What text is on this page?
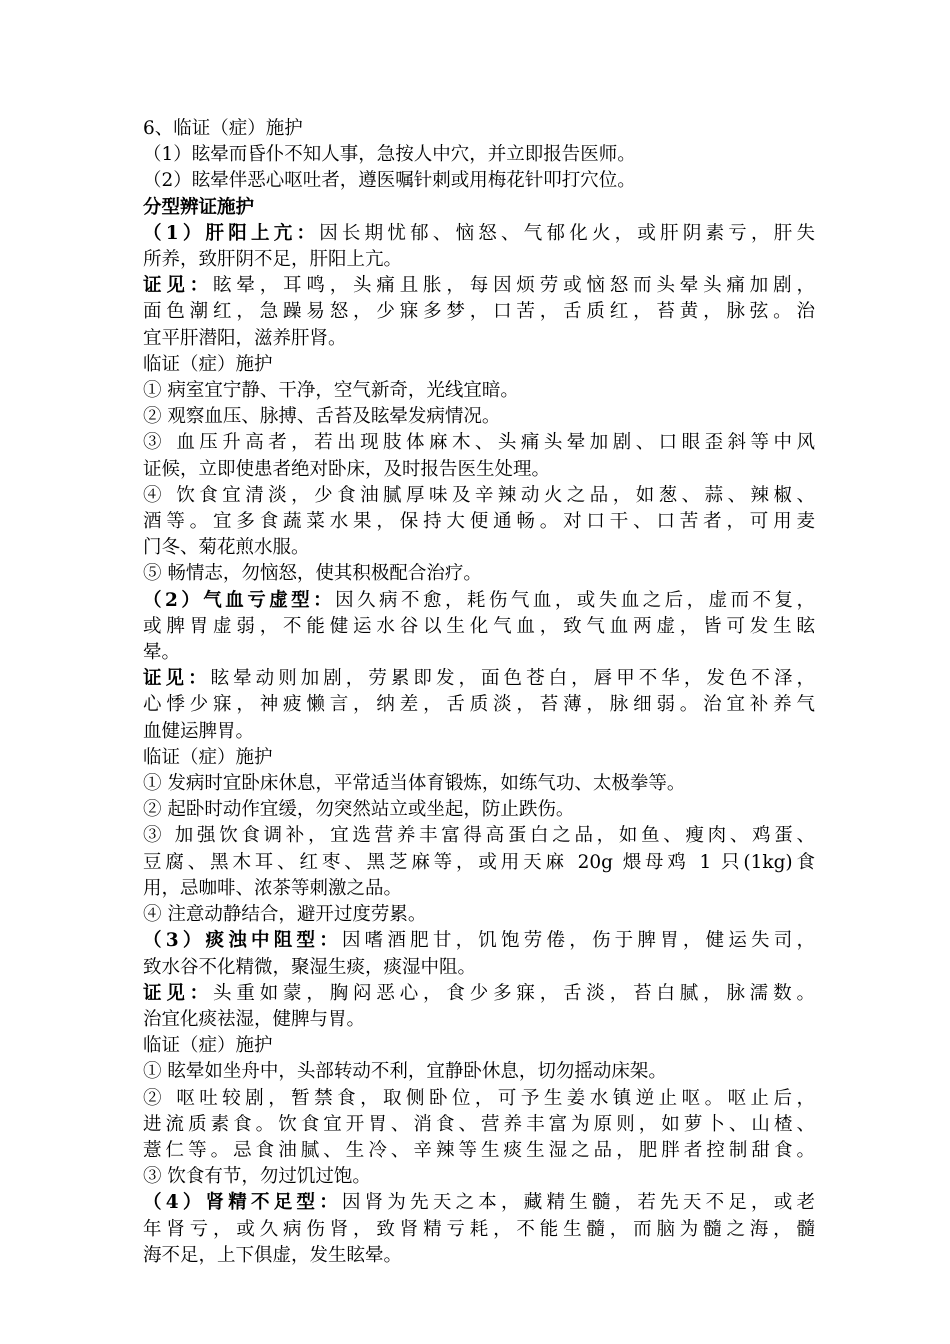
6、临证（症）施护

（1）眩晕而昏仆不知人事，急按人中穴，并立即报告医师。

（2）眩晕伴恶心呕吐者，遵医嘱针刺或用梅花针叩打穴位。

分型辨证施护

（1）肝阳上亢：因长期忧郁、恼怒、气郁化火，或肝阴素亏，肝失

所养，致肝阴不足，肝阳上亢。

证见：眩晕，耳鸣，头痛且胀，每因烦劳或恼怒而头晕头痛加剧，

面色潮红，急躁易怒，少寐多梦，口苦，舌质红，苔黄，脉弦。治

宜平肝潜阳，滋养肝肾。

临证（症）施护

① 病室宜宁静、干净，空气新奇，光线宜暗。

② 观察血压、脉搏、舌苔及眩晕发病情况。

③ 血压升高者，若出现肢体麻木、头痛头晕加剧、口眼歪斜等中风

证候，立即使患者绝对卧床，及时报告医生处理。

④ 饮食宜清淡，少食油腻厚味及辛辣动火之品，如葱、蒜、辣椒、

酒等。宜多食蔬菜水果，保持大便通畅。对口干、口苦者，可用麦

门冬、菊花煎水服。

⑤ 畅情志，勿恼怒，使其积极配合治疗。

（2）气血亏虚型：因久病不愈，耗伤气血，或失血之后，虚而不复，

或脾胃虚弱，不能健运水谷以生化气血，致气血两虚，皆可发生眩

晕。

证见：眩晕动则加剧，劳累即发，面色苍白，唇甲不华，发色不泽，

心悸少寐，神疲懒言，纳差，舌质淡，苔薄，脉细弱。治宜补养气

血健运脾胃。

临证（症）施护

① 发病时宜卧床休息，平常适当体育锻炼，如练气功、太极拳等。

② 起卧时动作宜缓，勿突然站立或坐起，防止跌伤。

③ 加强饮食调补，宜选营养丰富得高蛋白之品，如鱼、瘦肉、鸡蛋、

豆腐、黑木耳、红枣、黑芝麻等，或用天麻 20g 煨母鸡 1 只(1kg)食

用，忌咖啡、浓茶等刺激之品。

④ 注意动静结合，避开过度劳累。

（3）痰浊中阻型：因嗜酒肥甘，饥饱劳倦，伤于脾胃，健运失司，

致水谷不化精微，聚湿生痰，痰湿中阻。

证见：头重如蒙，胸闷恶心，食少多寐，舌淡，苔白腻，脉濡数。

治宜化痰祛湿，健脾与胃。

临证（症）施护

① 眩晕如坐舟中，头部转动不利，宜静卧休息，切勿摇动床架。

② 呕吐较剧，暂禁食，取侧卧位，可予生姜水镇逆止呕。呕止后，

进流质素食。饮食宜开胃、消食、营养丰富为原则，如萝卜、山楂、

薏仁等。忌食油腻、生冷、辛辣等生痰生湿之品，肥胖者控制甜食。

③ 饮食有节，勿过饥过饱。

（4）肾精不足型：因肾为先天之本，藏精生髓，若先天不足，或老

年肾亏，或久病伤肾，致肾精亏耗，不能生髓，而脑为髓之海，髓

海不足，上下俱虚，发生眩晕。
